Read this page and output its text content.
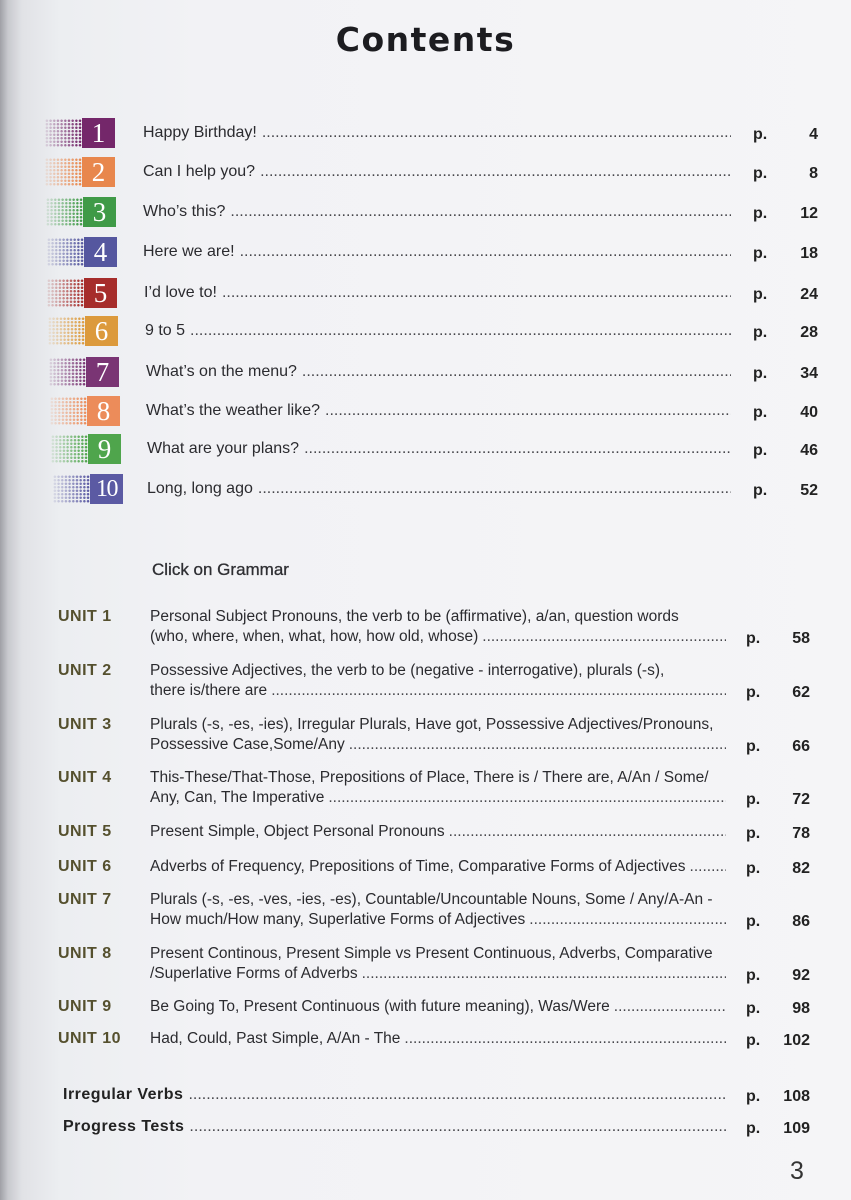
Contents
1	Happy Birthday! .....	p.	4
2	Can I help you? .....	p.	8
3	Who’s this? .....	p. 12
4	Here we are! .....	p. 18
5	I’d love to! .....	p. 24
6	9 to 5 .....	p. 28
7	What’s on the menu? .....	p. 34
8	What’s the weather like? .....	p. 40
9	What are your plans? .....	p. 46
10	Long, long ago .....	p. 52
Click on Grammar
UNIT 1 Personal Subject Pronouns, the verb to be (affirmative), a/an, question words
(who, where, when, what, how, how old, whose) .....	p. 58
UNIT 2 Possessive Adjectives, the verb to be (negative - interrogative), plurals (-s),
there is/there are .....	p. 62
UNIT 3 Plurals (-s, -es, -ies), Irregular Plurals, Have got, Possessive Adjectives/Pronouns,
Possessive Case,Some/Any .....	p. 66
UNIT 4 This-These/That-Those, Prepositions of Place, There is / There are, A/An / Some/
Any, Can, The Imperative .....	p. 72
UNIT 5 Present Simple, Object Personal Pronouns .....	p. 78
UNIT 6 Adverbs of Frequency, Prepositions of Time, Comparative Forms of Adjectives .....	p. 82
UNIT 7 Plurals (-s, -es, -ves, -ies, -es), Countable/Uncountable Nouns, Some / Any/A-An -
How much/How many, Superlative Forms of Adjectives .....	p. 86
UNIT 8 Present Continous, Present Simple vs Present Continuous, Adverbs, Comparative
/Superlative Forms of Adverbs .....	p. 92
UNIT 9 Be Going To, Present Continuous (with future meaning), Was/Were .....	p. 98
UNIT 10 Had, Could, Past Simple, A/An - The .....	p. 102
Irregular Verbs .....	p. 108
Progress Tests .....	p. 109
3
